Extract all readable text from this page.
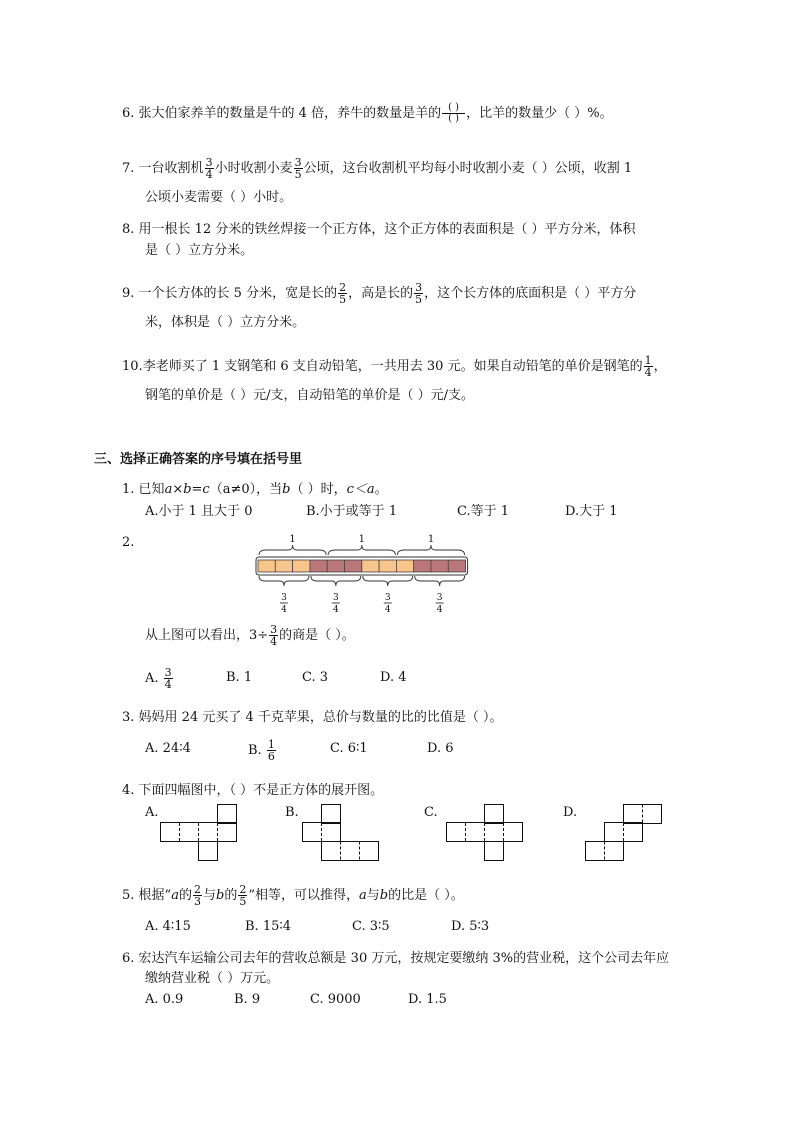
6. 张大伯家养羊的数量是牛的 4 倍，养牛的数量是羊的 $\frac{( )}{( )}$ ，比羊的数量少（ ）%。
7. 一台收割机 $\frac{3}{4}$ 小时收割小麦 $\frac{3}{5}$ 公顷，这台收割机平均每小时收割小麦（ ）公顷，收割 1
公顷小麦需要（ ）小时。
8. 用一根长 12 分米的铁丝焊接一个正方体，这个正方体的表面积是（ ）平方分米，体积
是（ ）立方分米。
9. 一个长方体的长 5 分米，宽是长的 $\frac{2}{5}$ ，高是长的 $\frac{3}{5}$ ，这个长方体的底面积是（ ）平方分
米，体积是（ ）立方分米。
10.李老师买了 1 支钢笔和 6 支自动铅笔，一共用去 30 元。如果自动铅笔的单价是钢笔的 $\frac{1}{4}$ ，
钢笔的单价是（ ）元/支，自动铅笔的单价是（ ）元/支。
三、选择正确答案的序号填在括号里
1. 已知a×b=c（a≠0），当b（ ）时，c＜a。
A.小于 1 且大于 0	B.小于或等于 1	C.等于 1	D.大于 1
2.	1	1	1
3
4
3
4
3
4
3
4
从上图可以看出，$3\div \frac{3}{4}$ 的商是（ ）。
A. $\frac{3}{4}$	B. 1	C. 3	D. 4
3. 妈妈用 24 元买了 4 千克苹果，总价与数量的比的比值是（ ）。
A. 24∶4	B. $\frac{1}{6}$	C. 6∶1	D. 6
4. 下面四幅图中，（ ）不是正方体的展开图。
A.	B.	C.	D.
5. 根据“a的 $\frac{2}{3}$ 与b的 $\frac{2}{5}$ ”相等，可以推得，a与b的比是（ ）。
A. 4∶15	B. 15∶4	C. 3∶5	D. 5∶3
6. 宏达汽车运输公司去年的营收总额是 30 万元，按规定要缴纳 3%的营业税，这个公司去年应
缴纳营业税（ ）万元。
A. 0.9	B. 9	C. 9000	D. 1.5
